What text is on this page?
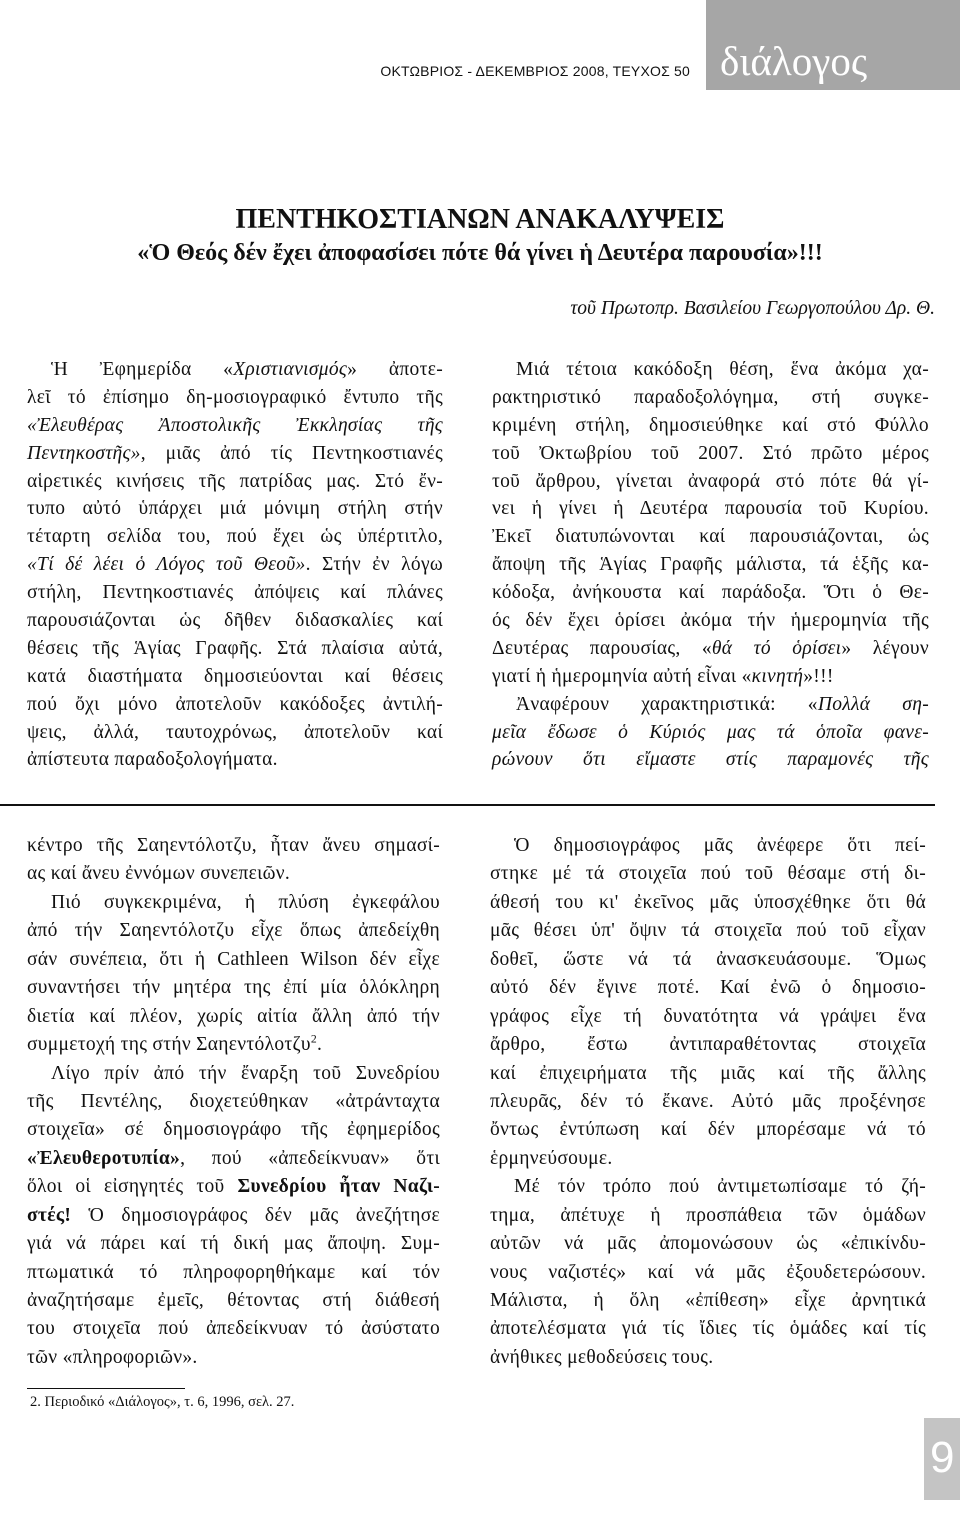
ΟΚΤΩΒΡΙΟΣ - ΔΕΚΕΜΒΡΙΟΣ 2008, ΤΕΥΧΟΣ 50 διάλογος
ΠΕΝΤΗΚΟΣΤΙΑΝΩΝ ΑΝΑΚΑΛΥΨΕΙΣ
«Ὁ Θεός δέν ἔχει ἀποφασίσει πότε θά γίνει ἡ Δευτέρα παρουσία»!!!
τοῦ Πρωτοπρ. Βασιλείου Γεωργοπούλου Δρ. Θ.
Ἡ Ἐφημερίδα «Χριστιανισμός» ἀποτε-
λεῖ τό ἐπίσημο δη-μοσιογραφικό ἔντυπο τῆς
«Ἐλευθέρας Ἀποστολικῆς Ἐκκλησίας τῆς
Πεντηκοστῆς», μιᾶς ἀπό τίς Πεντηκοστιανές
αἱρετικές κινήσεις τῆς πατρίδας μας. Στό ἔν-
τυπο αὐτό ὑπάρχει μιά μόνιμη στήλη στήν
τέταρτη σελίδα του, πού ἔχει ὡς ὑπέρτιτλο,
«Τί δέ λέει ὁ Λόγος τοῦ Θεοῦ». Στήν ἐν λόγω
στήλη, Πεντηκοστιανές ἀπόψεις καί πλάνες
παρουσιάζονται ὡς δῆθεν διδασκαλίες καί
θέσεις τῆς Ἁγίας Γραφῆς. Στά πλαίσια αὐτά,
κατά διαστήματα δημοσιεύονται καί θέσεις
πού ὄχι μόνο ἀποτελοῦν κακόδοξες ἀντιλή-
ψεις, ἀλλά, ταυτοχρόνως, ἀποτελοῦν καί
ἀπίστευτα παραδοξολογήματα.
Μιά τέτοια κακόδοξη θέση, ἕνα ἀκόμα χα-
ρακτηριστικό παραδοξολόγημα, στή συγκε-
κριμένη στήλη, δημοσιεύθηκε καί στό Φύλλο
τοῦ Ὀκτωβρίου τοῦ 2007. Στό πρῶτο μέρος
τοῦ ἄρθρου, γίνεται ἀναφορά στό πότε θά γί-
νει ἡ γίνει ἡ Δευτέρα παρουσία τοῦ Κυρίου.
Ἐκεῖ διατυπώνονται καί παρουσιάζονται, ὡς
ἄποψη τῆς Ἁγίας Γραφῆς μάλιστα, τά ἑξῆς κα-
κόδοξα, ἀνήκουστα καί παράδοξα. Ὅτι ὁ Θε-
ός δέν ἔχει ὁρίσει ἀκόμα τήν ἡμερομηνία τῆς
Δευτέρας παρουσίας, «θά τό ὁρίσει» λέγουν
γιατί ἡ ἡμερομηνία αὐτή εἶναι «κινητή»!!!
Ἀναφέρουν χαρακτηριστικά: «Πολλά ση-
μεῖα ἔδωσε ὁ Κύριός μας τά ὁποῖα φανε-
ρώνουν ὅτι εἴμαστε στίς παραμονές τῆς
κέντρο τῆς Σαηεντόλοτζυ, ἦταν ἄνευ σημασί-
ας καί ἄνευ ἐννόμων συνεπειῶν.
Πιό συγκεκριμένα, ἡ πλύση ἐγκεφάλου
ἀπό τήν Σαηεντόλοτζυ εἶχε ὅπως ἀπεδείχθη
σάν συνέπεια, ὅτι ἡ Cathleen Wilson δέν εἶχε
συναντήσει τήν μητέρα της ἐπί μία ὁλόκληρη
διετία καί πλέον, χωρίς αἰτία ἄλλη ἀπό τήν
συμμετοχή της στήν Σαηεντόλοτζυ$^2$.
Λίγο πρίν ἀπό τήν ἔναρξη τοῦ Συνεδρίου
τῆς Πεντέλης, διοχετεύθηκαν «ἀτράνταχτα
στοιχεῖα» σέ δημοσιογράφο τῆς ἐφημερίδος
«Ἐλευθεροτυπία», πού «ἀπεδείκνυαν» ὅτι
ὅλοι οἱ εἰσηγητές τοῦ Συνεδρίου ἦταν Ναζι-
στές! Ὁ δημοσιογράφος δέν μᾶς ἀνεζήτησε
γιά νά πάρει καί τή δική μας ἄποψη. Συμ-
πτωματικά τό πληροφορηθήκαμε καί τόν
ἀναζητήσαμε ἐμεῖς, θέτοντας στή διάθεσή
του στοιχεῖα πού ἀπεδείκνυαν τό ἀσύστατο
τῶν «πληροφοριῶν».
Ὁ δημοσιογράφος μᾶς ἀνέφερε ὅτι πεί-
στηκε μέ τά στοιχεῖα πού τοῦ θέσαμε στή δι-
άθεσή του κι' ἐκεῖνος μᾶς ὑποσχέθηκε ὅτι θά
μᾶς θέσει ὑπ' ὄψιν τά στοιχεῖα πού τοῦ εἶχαν
δοθεῖ, ὥστε νά τά ἀνασκευάσουμε. Ὅμως
αὐτό δέν ἔγινε ποτέ. Καί ἐνῶ ὁ δημοσιο-
γράφος εἶχε τή δυνατότητα νά γράψει ἕνα
ἄρθρο, ἔστω ἀντιπαραθέτοντας στοιχεῖα
καί ἐπιχειρήματα τῆς μιᾶς καί τῆς ἄλλης
πλευρᾶς, δέν τό ἔκανε. Αὐτό μᾶς προξένησε
ὄντως ἐντύπωση καί δέν μπορέσαμε νά τό
ἑρμηνεύσουμε.
Μέ τόν τρόπο πού ἀντιμετωπίσαμε τό ζή-
τημα, ἀπέτυχε ἡ προσπάθεια τῶν ὁμάδων
αὐτῶν νά μᾶς ἀπομονώσουν ὡς «ἐπικίνδυ-
νους ναζιστές» καί νά μᾶς ἐξουδετερώσουν.
Μάλιστα, ἡ ὅλη «ἐπίθεση» εἶχε ἀρνητικά
ἀποτελέσματα γιά τίς ἴδιες τίς ὁμάδες καί τίς
ἀνήθικες μεθοδεύσεις τους.
2. Περιοδικό «Διάλογος», τ. 6, 1996, σελ. 27.
9
